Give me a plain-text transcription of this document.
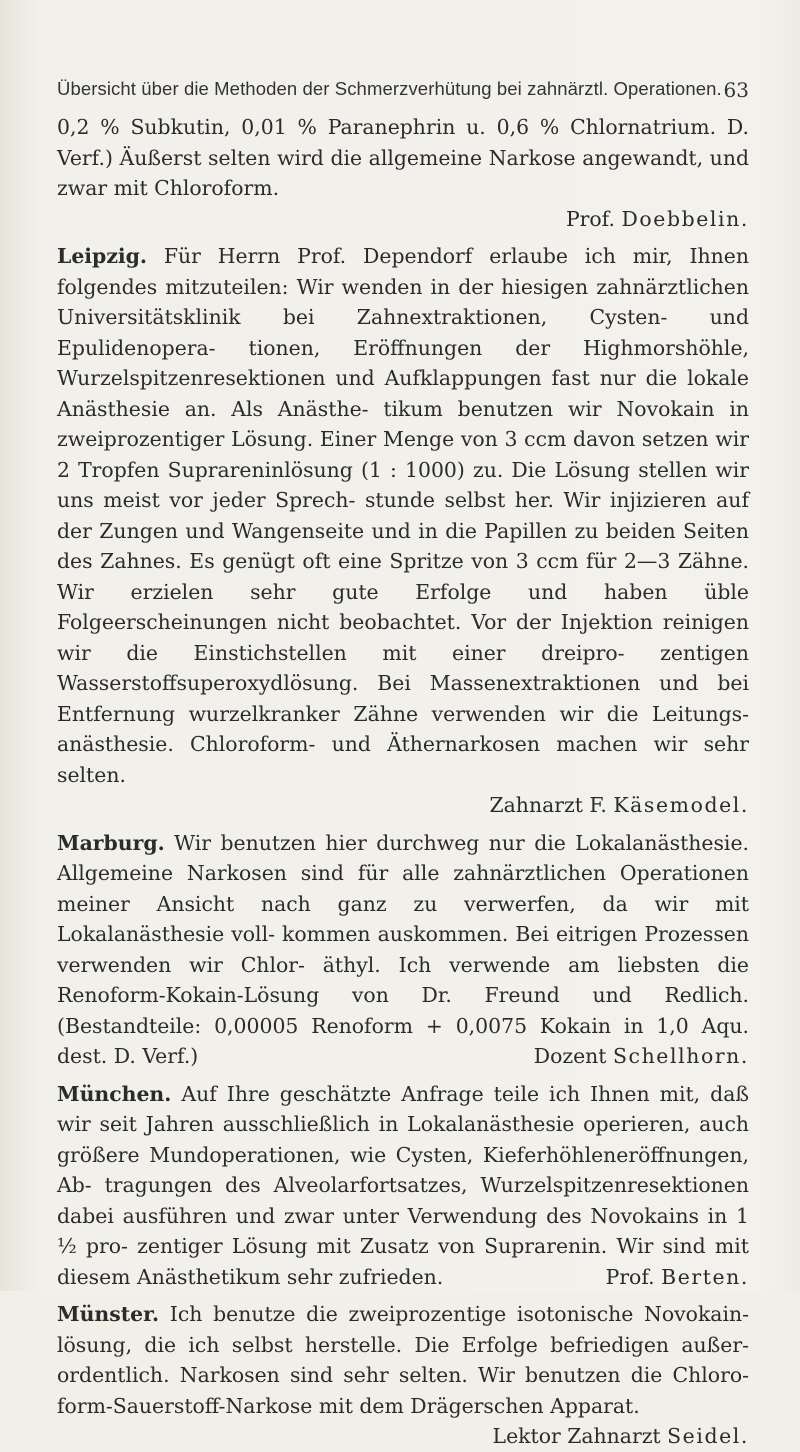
Übersicht über die Methoden der Schmerzverhütung bei zahnärztl. Operationen. 63

0,2 % Subkutin, 0,01 % Paranephrin u. 0,6 % Chlornatrium. D. Verf.) Äußerst selten wird die allgemeine Narkose angewandt, und zwar mit Chloroform.
Prof. Doebbelin.

Leipzig. Für Herrn Prof. Dependorf erlaube ich mir, Ihnen folgendes mitzuteilen: Wir wenden in der hiesigen zahnärztlichen Universitätsklinik bei Zahnextraktionen, Cysten- und Epulidenopera- tionen, Eröffnungen der Highmorshöhle, Wurzelspitzenresektionen und Aufklappungen fast nur die lokale Anästhesie an. Als Anästhe- tikum benutzen wir Novokain in zweiprozentiger Lösung. Einer Menge von 3 ccm davon setzen wir 2 Tropfen Suprareninlösung (1 : 1000) zu. Die Lösung stellen wir uns meist vor jeder Sprech- stunde selbst her. Wir injizieren auf der Zungen und Wangenseite und in die Papillen zu beiden Seiten des Zahnes. Es genügt oft eine Spritze von 3 ccm für 2—3 Zähne. Wir erzielen sehr gute Erfolge und haben üble Folgeerscheinungen nicht beobachtet. Vor der Injektion reinigen wir die Einstichstellen mit einer dreipro- zentigen Wasserstoffsuperoxydlösung. Bei Massenextraktionen und bei Entfernung wurzelkranker Zähne verwenden wir die Leitungs- anästhesie. Chloroform- und Äthernarkosen machen wir sehr selten.
Zahnarzt F. Käsemodel.

Marburg. Wir benutzen hier durchweg nur die Lokalanästhesie. Allgemeine Narkosen sind für alle zahnärztlichen Operationen meiner Ansicht nach ganz zu verwerfen, da wir mit Lokalanästhesie voll- kommen auskommen. Bei eitrigen Prozessen verwenden wir Chlor- äthyl. Ich verwende am liebsten die Renoform-Kokain-Lösung von Dr. Freund und Redlich. (Bestandteile: 0,00005 Renoform + 0,0075 Kokain in 1,0 Aqu. dest. D. Verf.)	Dozent Schellhorn.

München. Auf Ihre geschätzte Anfrage teile ich Ihnen mit, daß wir seit Jahren ausschließlich in Lokalanästhesie operieren, auch größere Mundoperationen, wie Cysten, Kieferhöhleneröffnungen, Ab- tragungen des Alveolarfortsatzes, Wurzelspitzenresektionen dabei ausführen und zwar unter Verwendung des Novokains in 1 ½ pro- zentiger Lösung mit Zusatz von Suprarenin. Wir sind mit diesem Anästhetikum sehr zufrieden.	Prof. Berten.

Münster. Ich benutze die zweiprozentige isotonische Novokain- lösung, die ich selbst herstelle. Die Erfolge befriedigen außer- ordentlich. Narkosen sind sehr selten. Wir benutzen die Chloro- form-Sauerstoff-Narkose mit dem Drägerschen Apparat.
Lektor Zahnarzt Seidel.
